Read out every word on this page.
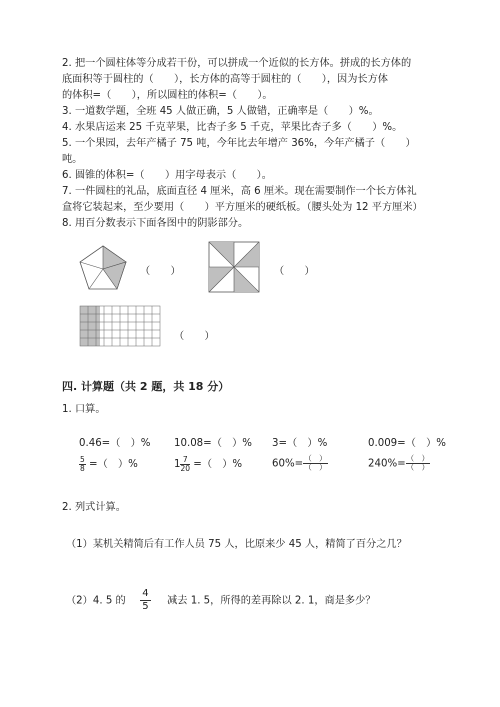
2. 把一个圆柱体等分成若干份，可以拼成一个近似的长方体。拼成的长方体的
底面积等于圆柱的（　　），长方体的高等于圆柱的（　　），因为长方体
的体积=（　　），所以圆柱的体积=（　　）。
3. 一道数学题，全班 45 人做正确，5 人做错，正确率是（　　）%。
4. 水果店运来 25 千克苹果，比杏子多 5 千克，苹果比杏子多（　　）%。
5. 一个果园，去年产橘子 75 吨，今年比去年增产 36%，今年产橘子（　　）
吨。
6. 圆锥的体积=（　　）用字母表示（　　）。
7. 一件圆柱的礼品，底面直径 4 厘米，高 6 厘米。现在需要制作一个长方体礼
盒将它装起来，至少要用（　　）平方厘米的硬纸板。（腰头处为 12 平方厘米）
8. 用百分数表示下面各图中的阴影部分。
（　　）	（　　）
（　　）
四. 计算题（共 2 题，共 18 分）
1. 口算。
0.46=（　）% 10.08=（　）% 3=（　）%	0.009=（　）%
$\frac{5}{8}$ =（　）%	$1 \frac{7}{20}$ =（　）%	$60\%= \frac{( )}{( )}$	$240\%= \frac{( )}{( )}$
2. 列式计算。
（1）某机关精简后有工作人员 75 人，比原来少 45 人，精简了百分之几？
（2）4. 5 的 $\frac{4}{5}$ 减去 1. 5，所得的差再除以 2. 1，商是多少？
